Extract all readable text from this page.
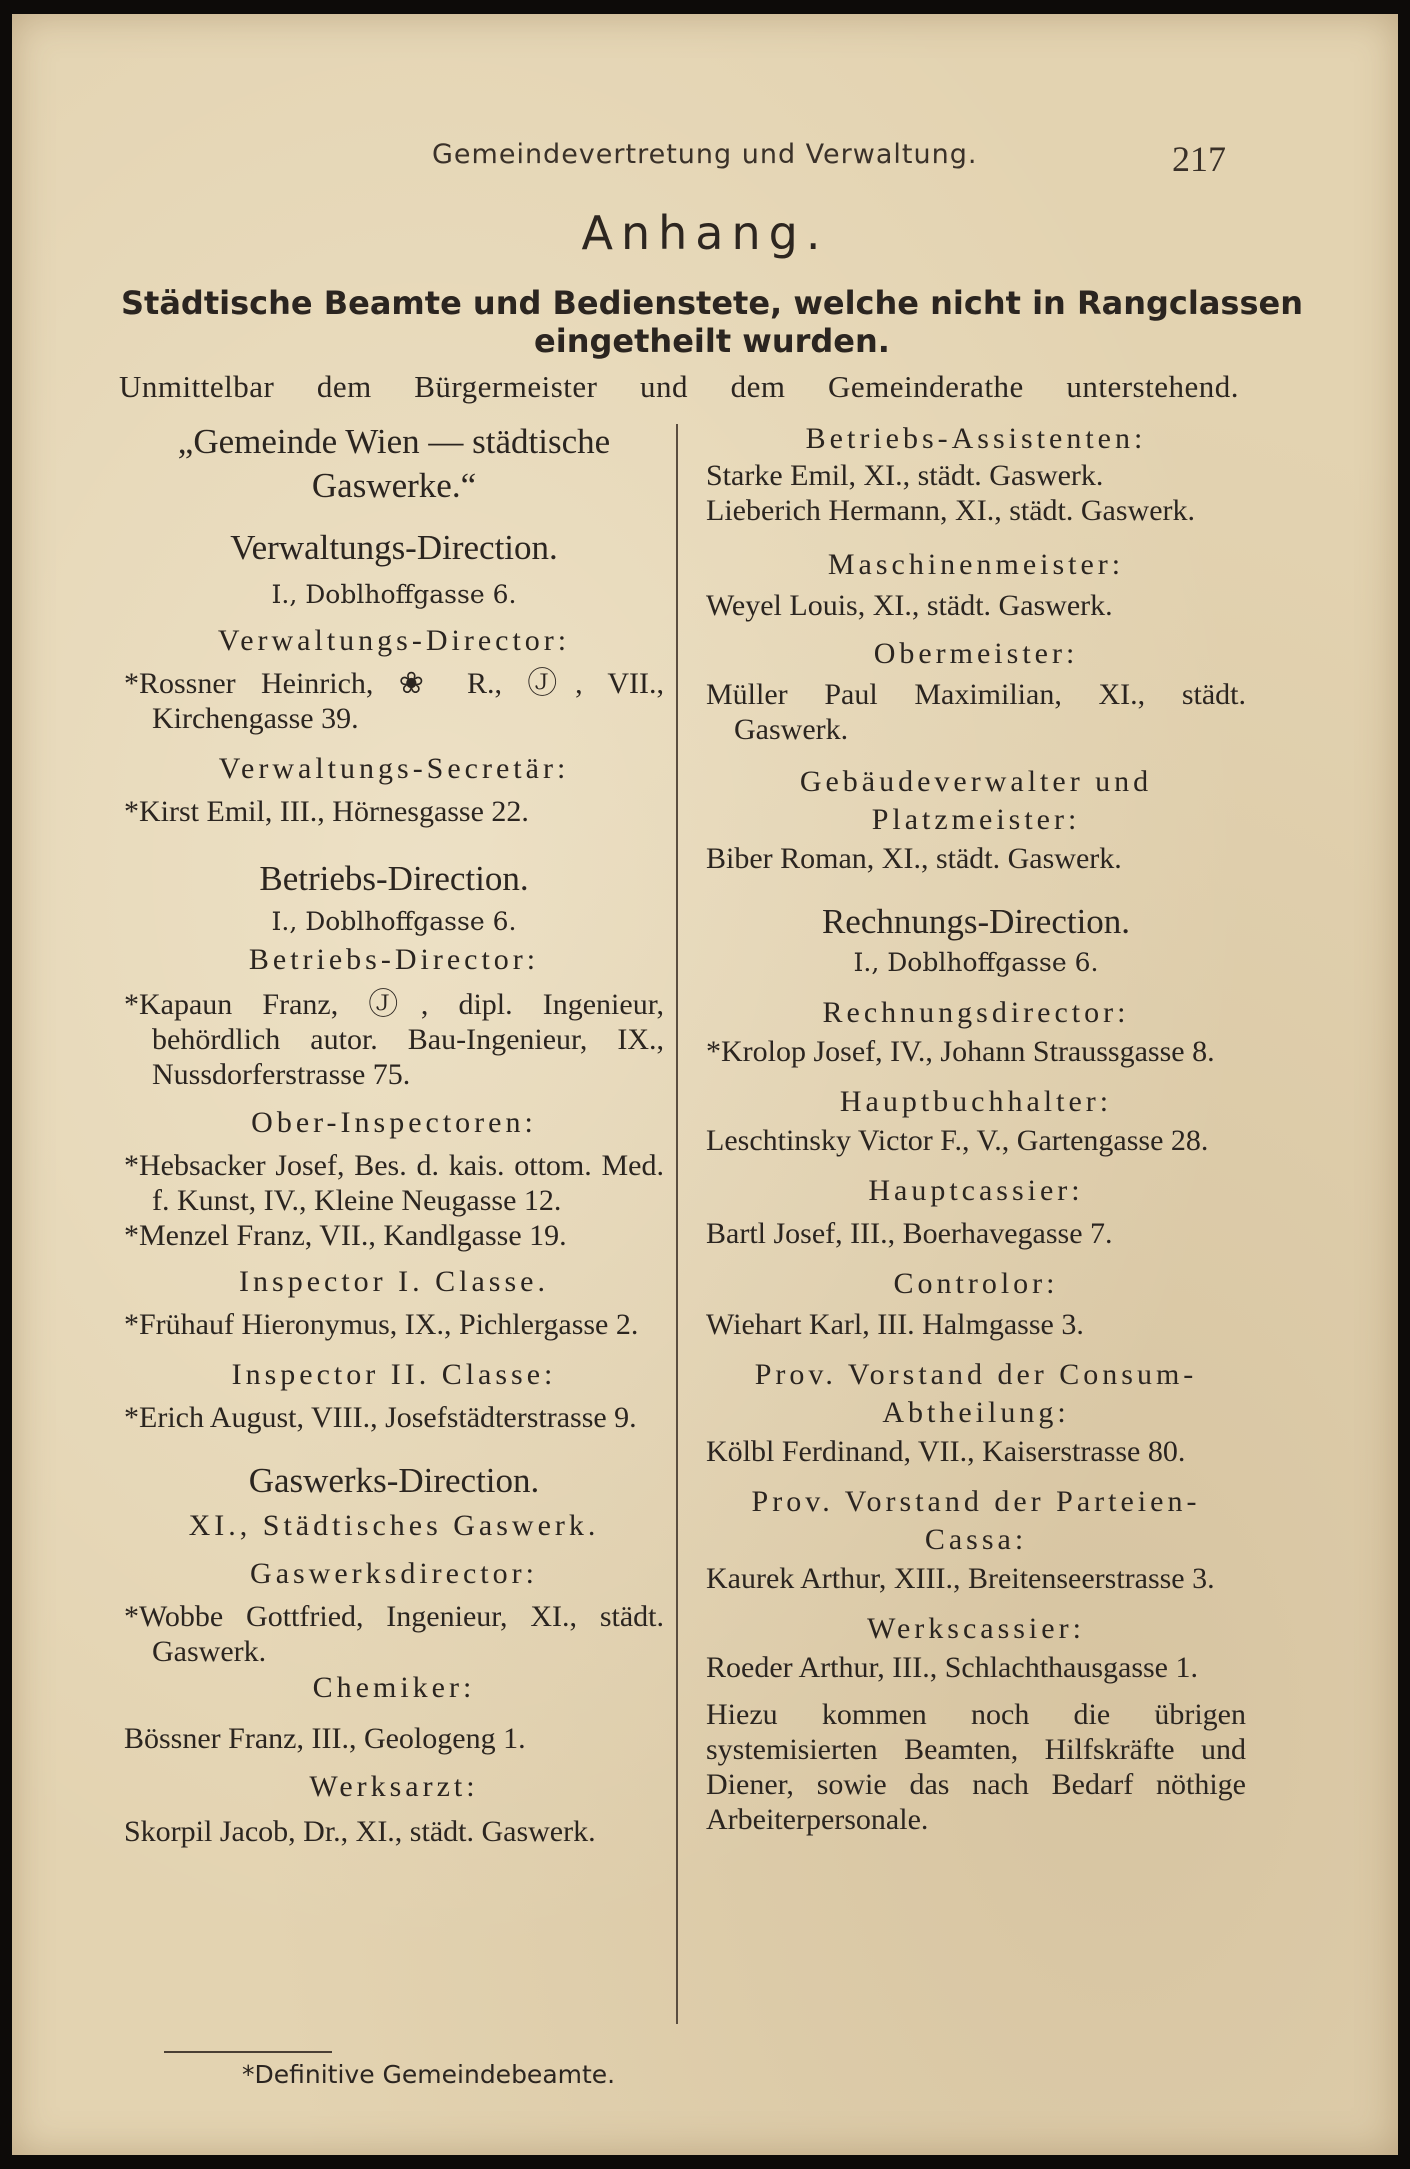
Gemeindevertretung und Verwaltung.	217
Anhang.
Städtische Beamte und Bedienstete, welche nicht in Rangclassen eingetheilt wurden.
Unmittelbar dem Bürgermeister und dem Gemeinderathe unterstehend.
„Gemeinde Wien — städtische Gaswerke.“
Verwaltungs-Direction.
I., Doblhoffgasse 6.
Verwaltungs-Director:
*Rossner Heinrich, ❀ R., Ⓙ, VII., Kirchengasse 39.
Verwaltungs-Secretär:
*Kirst Emil, III., Hörnesgasse 22.
Betriebs-Direction.
I., Doblhoffgasse 6.
Betriebs-Director:
*Kapaun Franz, Ⓙ, dipl. Ingenieur, behördlich autor. Bau-Ingenieur, IX., Nussdorferstrasse 75.
Ober-Inspectoren:
*Hebsacker Josef, Bes. d. kais. ottom. Med. f. Kunst, IV., Kleine Neugasse 12.
*Menzel Franz, VII., Kandlgasse 19.
Inspector I. Classe.
*Frühauf Hieronymus, IX., Pichlergasse 2.
Inspector II. Classe:
*Erich August, VIII., Josefstädterstrasse 9.
Gaswerks-Direction.
XI., Städtisches Gaswerk.
Gaswerksdirector:
*Wobbe Gottfried, Ingenieur, XI., städt. Gaswerk.
Chemiker:
Bössner Franz, III., Geologeng 1.
Werksarzt:
Skorpil Jacob, Dr., XI., städt. Gaswerk.
Betriebs-Assistenten:
Starke Emil, XI., städt. Gaswerk.
Lieberich Hermann, XI., städt. Gaswerk.
Maschinenmeister:
Weyel Louis, XI., städt. Gaswerk.
Obermeister:
Müller Paul Maximilian, XI., städt. Gaswerk.
Gebäudeverwalter und Platzmeister:
Biber Roman, XI., städt. Gaswerk.
Rechnungs-Direction.
I., Doblhoffgasse 6.
Rechnungsdirector:
*Krolop Josef, IV., Johann Straussgasse 8.
Hauptbuchhalter:
Leschtinsky Victor F., V., Gartengasse 28.
Hauptcassier:
Bartl Josef, III., Boerhavegasse 7.
Controlor:
Wiehart Karl, III. Halmgasse 3.
Prov. Vorstand der Consum-Abtheilung:
Kölbl Ferdinand, VII., Kaiserstrasse 80.
Prov. Vorstand der Parteien-Cassa:
Kaurek Arthur, XIII., Breitenseerstrasse 3.
Werkscassier:
Roeder Arthur, III., Schlachthausgasse 1.
Hiezu kommen noch die übrigen systemisierten Beamten, Hilfskräfte und Diener, sowie das nach Bedarf nöthige Arbeiterpersonale.
*Definitive Gemeindebeamte.
